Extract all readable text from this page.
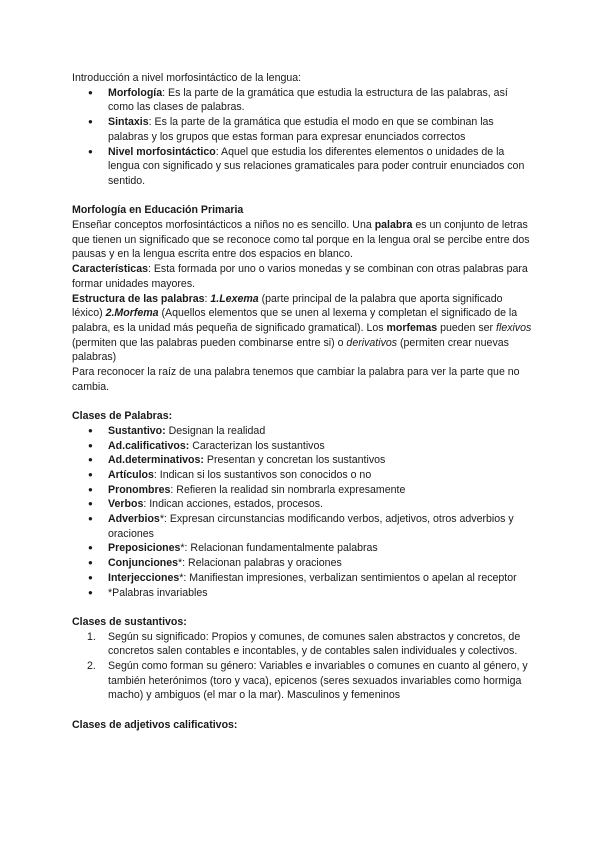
Introducción a nivel morfosintáctico de la lengua:

● Morfología: Es la parte de la gramática que estudia la estructura de las palabras, así como las clases de palabras.
● Sintaxis: Es la parte de la gramática que estudia el modo en que se combinan las palabras y los grupos que estas forman para expresar enunciados correctos
● Nivel morfosintáctico: Aquel que estudia los diferentes elementos o unidades de la lengua con significado y sus relaciones gramaticales para poder contruir enunciados con sentido.

Morfología en Educación Primaria

Enseñar conceptos morfosintácticos a niños no es sencillo. Una palabra es un conjunto de letras que tienen un significado que se reconoce como tal porque en la lengua oral se percibe entre dos pausas y en la lengua escrita entre dos espacios en blanco.

Características: Esta formada por uno o varios monedas y se combinan con otras palabras para formar unidades mayores.

Estructura de las palabras: 1.Lexema (parte principal de la palabra que aporta significado léxico) 2.Morfema (Aquellos elementos que se unen al lexema y completan el significado de la palabra, es la unidad más pequeña de significado gramatical). Los morfemas pueden ser flexivos (permiten que las palabras pueden combinarse entre si) o derivativos (permiten crear nuevas palabras)

Para reconocer la raíz de una palabra tenemos que cambiar la palabra para ver la parte que no cambia.

Clases de Palabras:

● Sustantivo: Designan la realidad
● Ad.calificativos: Caracterizan los sustantivos
● Ad.determinativos: Presentan y concretan los sustantivos
● Artículos: Indican si los sustantivos son conocidos o no
● Pronombres: Refieren la realidad sin nombrarla expresamente
● Verbos: Indican acciones, estados, procesos.
● Adverbios*: Expresan circunstancias modificando verbos, adjetivos, otros adverbios y oraciones
● Preposiciones*: Relacionan fundamentalmente palabras
● Conjunciones*: Relacionan palabras y oraciones
● Interjecciones*: Manifiestan impresiones, verbalizan sentimientos o apelan al receptor
● *Palabras invariables

Clases de sustantivos:

1. Según su significado: Propios y comunes, de comunes salen abstractos y concretos, de concretos salen contables e incontables, y de contables salen individuales y colectivos.
2. Según como forman su género: Variables e invariables o comunes en cuanto al género, y también heterónimos (toro y vaca), epicenos (seres sexuados invariables como hormiga macho) y ambiguos (el mar o la mar). Masculinos y femeninos

Clases de adjetivos calificativos:
